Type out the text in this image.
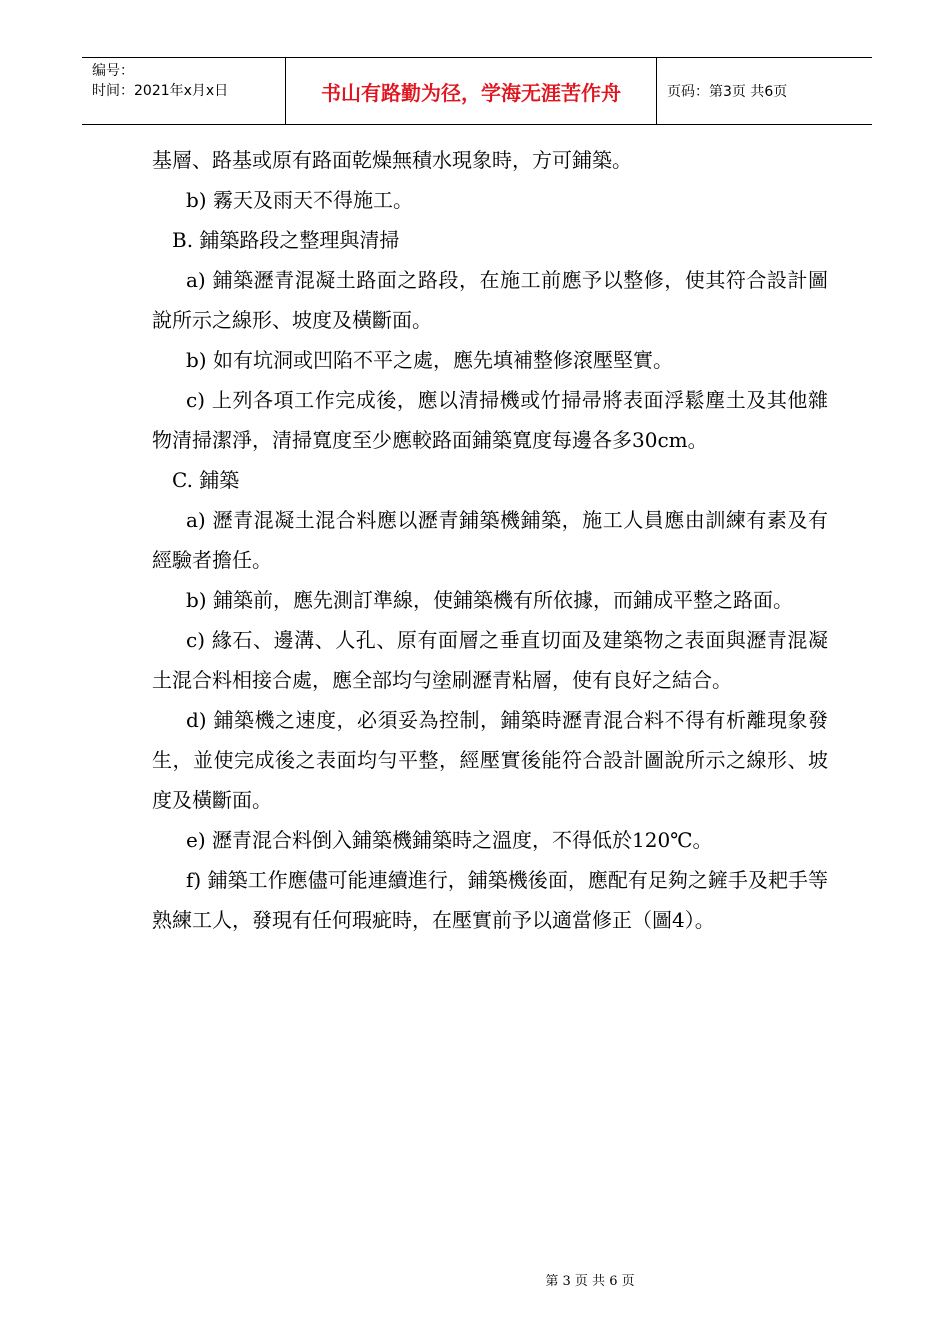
编号：
时间：2021年x月x日	书山有路勤为径，学海无涯苦作舟	页码：第3页 共6页

基層、路基或原有路面乾燥無積水現象時，方可鋪築。

b) 霧天及雨天不得施工。

B. 鋪築路段之整理與清掃

a) 鋪築瀝青混凝土路面之路段，在施工前應予以整修，使其符合設計圖說所示之線形、坡度及橫斷面。

b) 如有坑洞或凹陷不平之處，應先填補整修滾壓堅實。

c) 上列各項工作完成後，應以清掃機或竹掃帚將表面浮鬆塵土及其他雜物清掃潔淨，清掃寬度至少應較路面鋪築寬度每邊各多30cm。

C. 鋪築

a) 瀝青混凝土混合料應以瀝青鋪築機鋪築，施工人員應由訓練有素及有經驗者擔任。

b) 鋪築前，應先測訂準線，使鋪築機有所依據，而鋪成平整之路面。

c) 緣石、邊溝、人孔、原有面層之垂直切面及建築物之表面與瀝青混凝土混合料相接合處，應全部均勻塗刷瀝青粘層，使有良好之結合。

d) 鋪築機之速度，必須妥為控制，鋪築時瀝青混合料不得有析離現象發生，並使完成後之表面均勻平整，經壓實後能符合設計圖說所示之線形、坡度及橫斷面。

e) 瀝青混合料倒入鋪築機鋪築時之溫度，不得低於120℃。

f) 鋪築工作應儘可能連續進行，鋪築機後面，應配有足夠之鏟手及耙手等熟練工人，發現有任何瑕疵時，在壓實前予以適當修正（圖4）。

第 3 页 共 6 页
